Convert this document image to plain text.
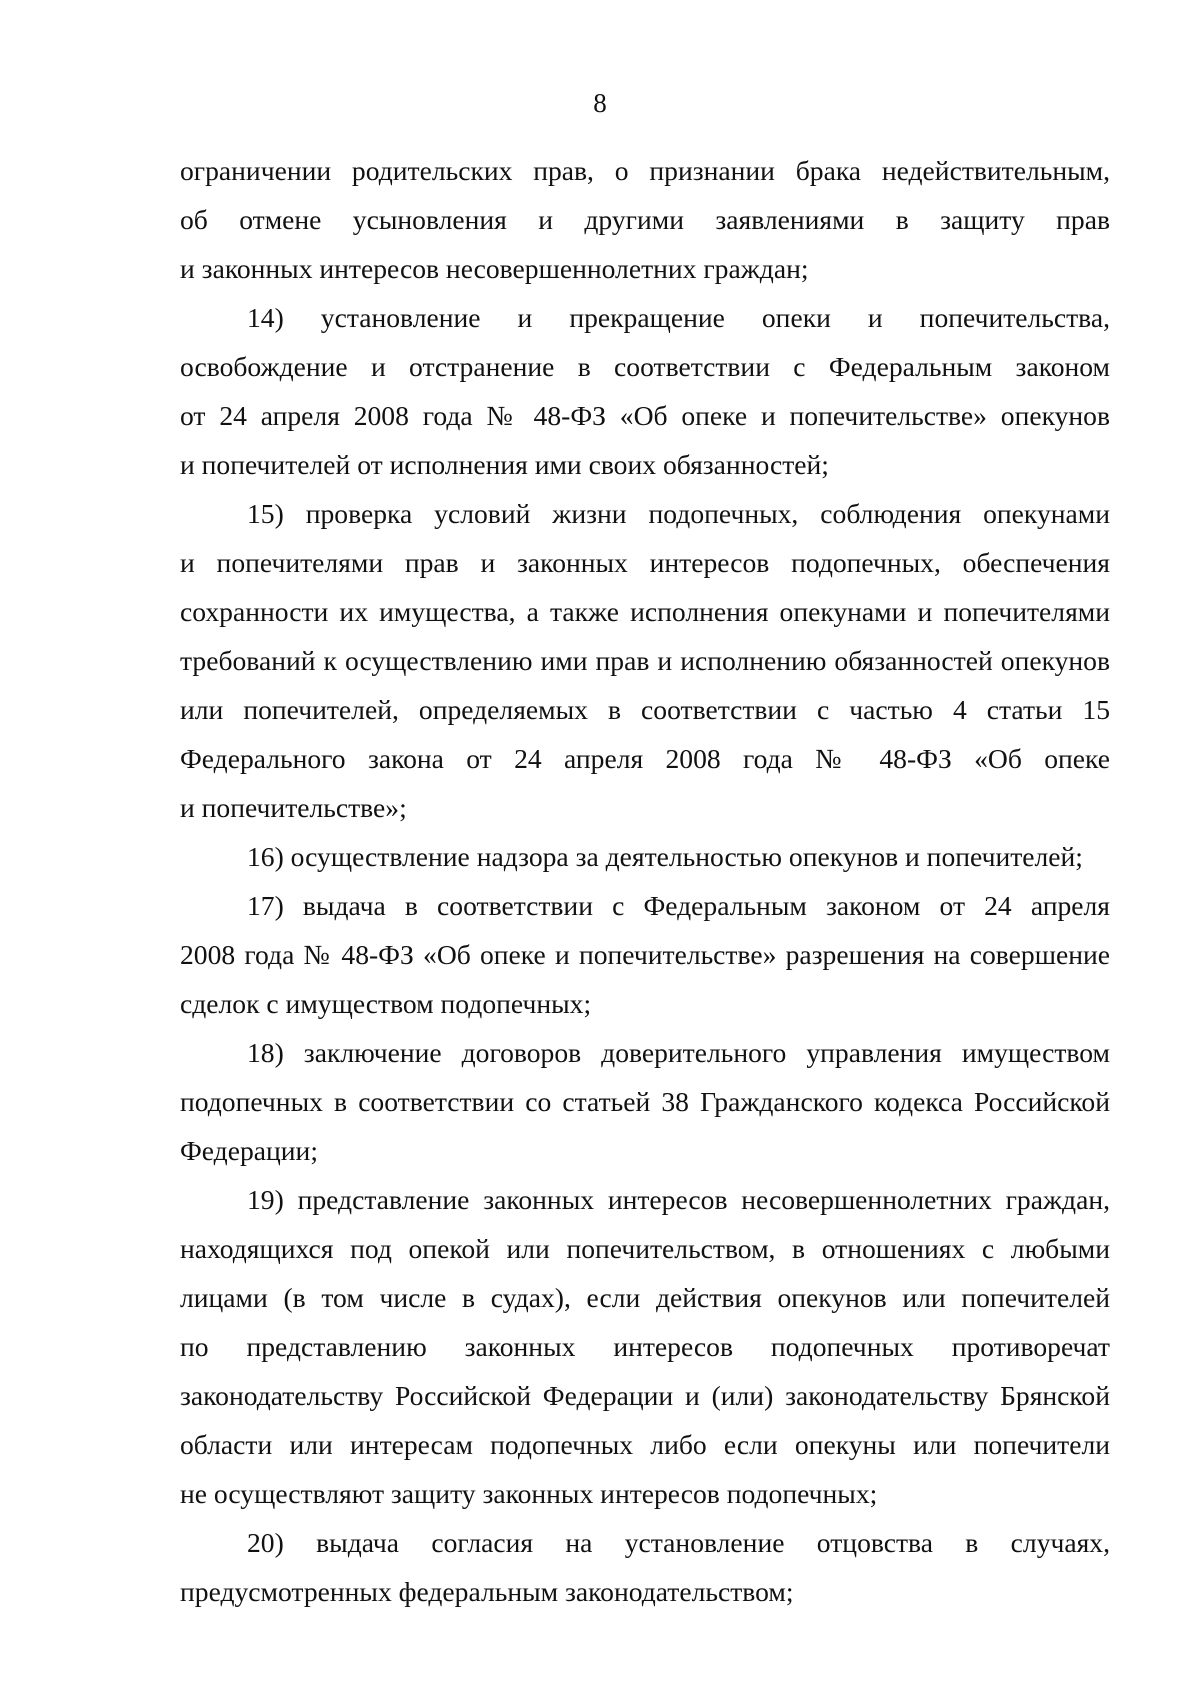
8
ограничении родительских прав, о признании брака недействительным,
об отмене усыновления и другими заявлениями в защиту прав
и законных интересов несовершеннолетних граждан;
14) установление и прекращение опеки и попечительства,
освобождение и отстранение в соответствии с Федеральным законом
от 24 апреля 2008 года № 48-ФЗ «Об опеке и попечительстве» опекунов
и попечителей от исполнения ими своих обязанностей;
15) проверка условий жизни подопечных, соблюдения опекунами
и попечителями прав и законных интересов подопечных, обеспечения
сохранности их имущества, а также исполнения опекунами и попечителями
требований к осуществлению ими прав и исполнению обязанностей опекунов
или попечителей, определяемых в соответствии с частью 4 статьи 15
Федерального закона от 24 апреля 2008 года № 48-ФЗ «Об опеке
и попечительстве»;
16) осуществление надзора за деятельностью опекунов и попечителей;
17) выдача в соответствии с Федеральным законом от 24 апреля
2008 года № 48-ФЗ «Об опеке и попечительстве» разрешения на совершение
сделок с имуществом подопечных;
18) заключение договоров доверительного управления имуществом
подопечных в соответствии со статьей 38 Гражданского кодекса Российской
Федерации;
19) представление законных интересов несовершеннолетних граждан,
находящихся под опекой или попечительством, в отношениях с любыми
лицами (в том числе в судах), если действия опекунов или попечителей
по представлению законных интересов подопечных противоречат
законодательству Российской Федерации и (или) законодательству Брянской
области или интересам подопечных либо если опекуны или попечители
не осуществляют защиту законных интересов подопечных;
20) выдача согласия на установление отцовства в случаях,
предусмотренных федеральным законодательством;
